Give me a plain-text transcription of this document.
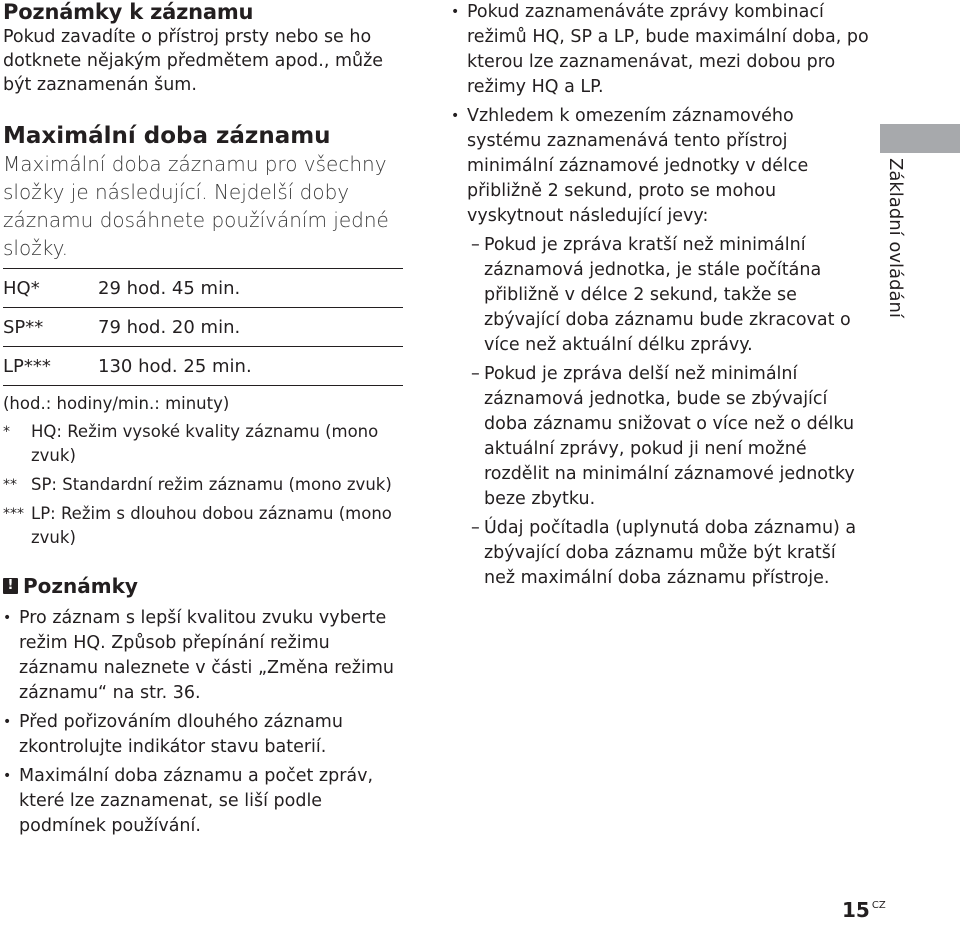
Poznámky k záznamu

Pokud zavadíte o přístroj prsty nebo se ho dotknete nějakým předmětem apod., může být zaznamenán šum.

Maximální doba záznamu

Maximální doba záznamu pro všechny složky je následující. Nejdelší doby záznamu dosáhnete používáním jedné složky.

HQ*	29 hod. 45 min.
SP**	79 hod. 20 min.
LP***	130 hod. 25 min.

(hod.: hodiny/min.: minuty)

* HQ: Režim vysoké kvality záznamu (mono zvuk)
** SP: Standardní režim záznamu (mono zvuk)
*** LP: Režim s dlouhou dobou záznamu (mono zvuk)
! Poznámky
• Pro záznam s lepší kvalitou zvuku vyberte režim HQ. Způsob přepínání režimu záznamu naleznete v části „Změna režimu záznamu“ na str. 36.
• Před pořizováním dlouhého záznamu zkontrolujte indikátor stavu baterií.
• Maximální doba záznamu a počet zpráv, které lze zaznamenat, se liší podle podmínek používání.
• Pokud zaznamenáváte zprávy kombinací režimů HQ, SP a LP, bude maximální doba, po kterou lze zaznamenávat, mezi dobou pro režimy HQ a LP.
• Vzhledem k omezením záznamového systému zaznamenává tento přístroj minimální záznamové jednotky v délce přibližně 2 sekund, proto se mohou vyskytnout následující jevy:
– Pokud je zpráva kratší než minimální záznamová jednotka, je stále počítána přibližně v délce 2 sekund, takže se zbývající doba záznamu bude zkracovat o více než aktuální délku zprávy.
– Pokud je zpráva delší než minimální záznamová jednotka, bude se zbývající doba záznamu snižovat o více než o délku aktuální zprávy, pokud ji není možné rozdělit na minimální záznamové jednotky beze zbytku.
– Údaj počítadla (uplynutá doba záznamu) a zbývající doba záznamu může být kratší než maximální doba záznamu přístroje.
Základní ovládání
15 $^{CZ}$
